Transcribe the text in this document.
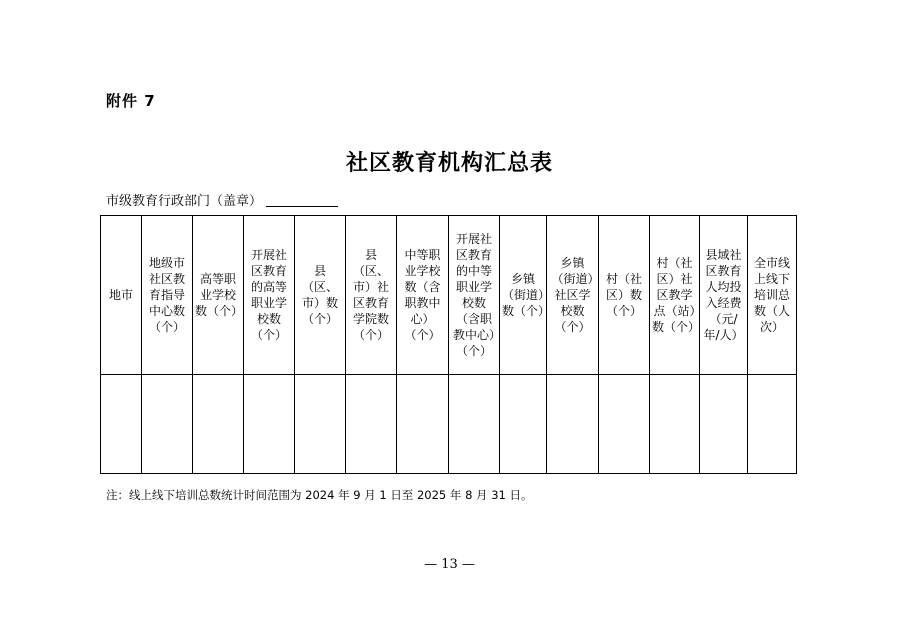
附件 7
社区教育机构汇总表
市级教育行政部门（盖章）
地市	地级市社区教育指导中心数（个）	高等职业学校数（个）	开展社区教育的高等职业学校数（个）	县（区、市）数（个）	县（区、市）社区教育学院数（个）	中等职业学校数（含职教中心）（个）	开展社区教育的中等职业学校数（含职教中心）（个）	乡镇（街道）数（个）	乡镇（街道）社区学校数（个）	村（社区）数（个）	村（社区）社区教学点（站）数（个）	县域社区教育人均投入经费（元/年/人）	全市线上线下培训总数（人次）

注：线上线下培训总数统计时间范围为 2024 年 9 月 1 日至 2025 年 8 月 31 日。
— 13 —
